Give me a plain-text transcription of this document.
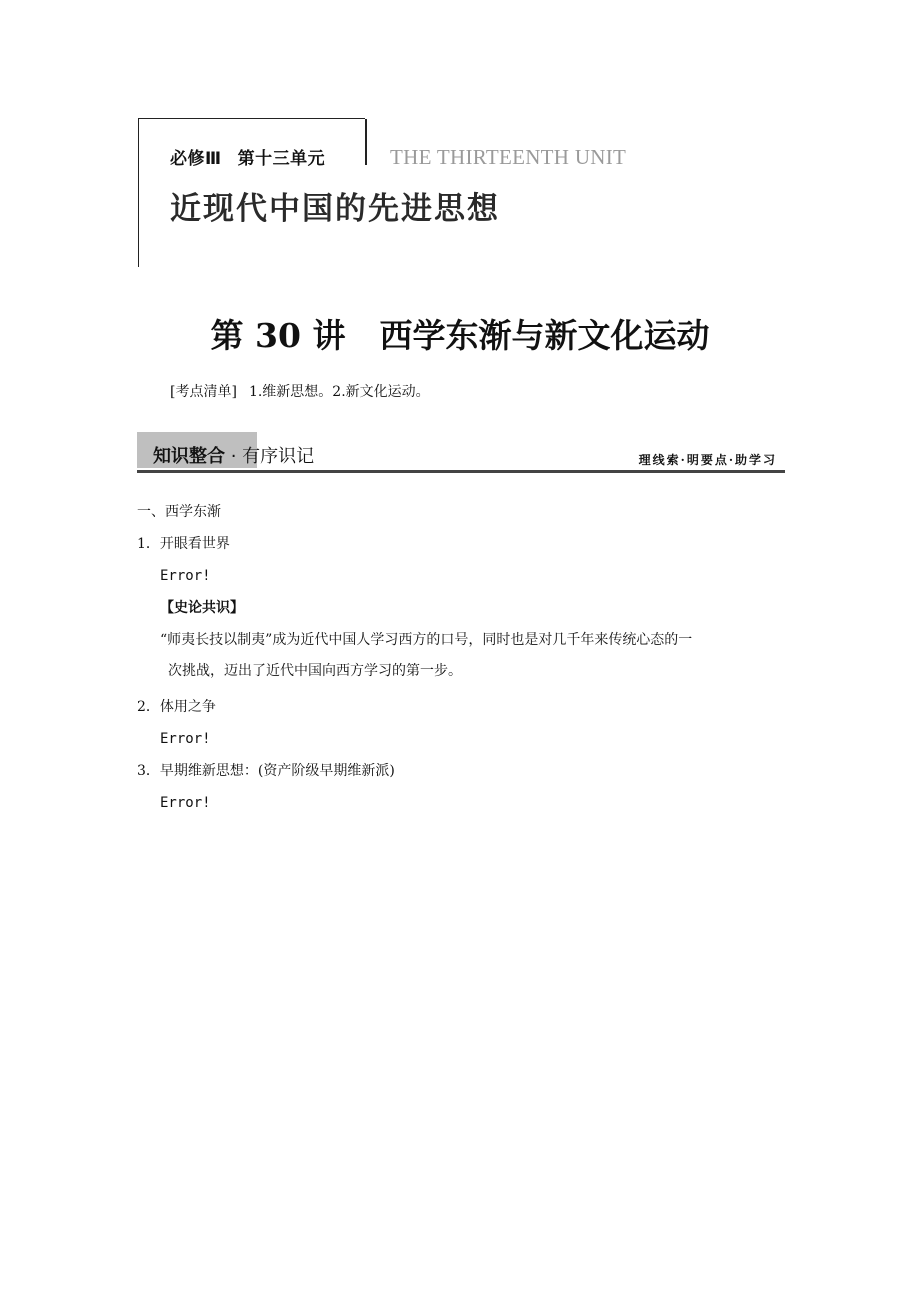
必修Ⅲ 第十三单元	THE THIRTEENTH UNIT
近现代中国的先进思想
第 30 讲 西学东渐与新文化运动
[考点清单] 1.维新思想。2.新文化运动。
知识整合 · 有序识记	理线索·明要点·助学习
一、西学东渐
1．开眼看世界
Error!
【史论共识】
“师夷长技以制夷”成为近代中国人学习西方的口号，同时也是对几千年来传统心态的一
次挑战，迈出了近代中国向西方学习的第一步。
2．体用之争
Error!
3．早期维新思想：(资产阶级早期维新派)
Error!
